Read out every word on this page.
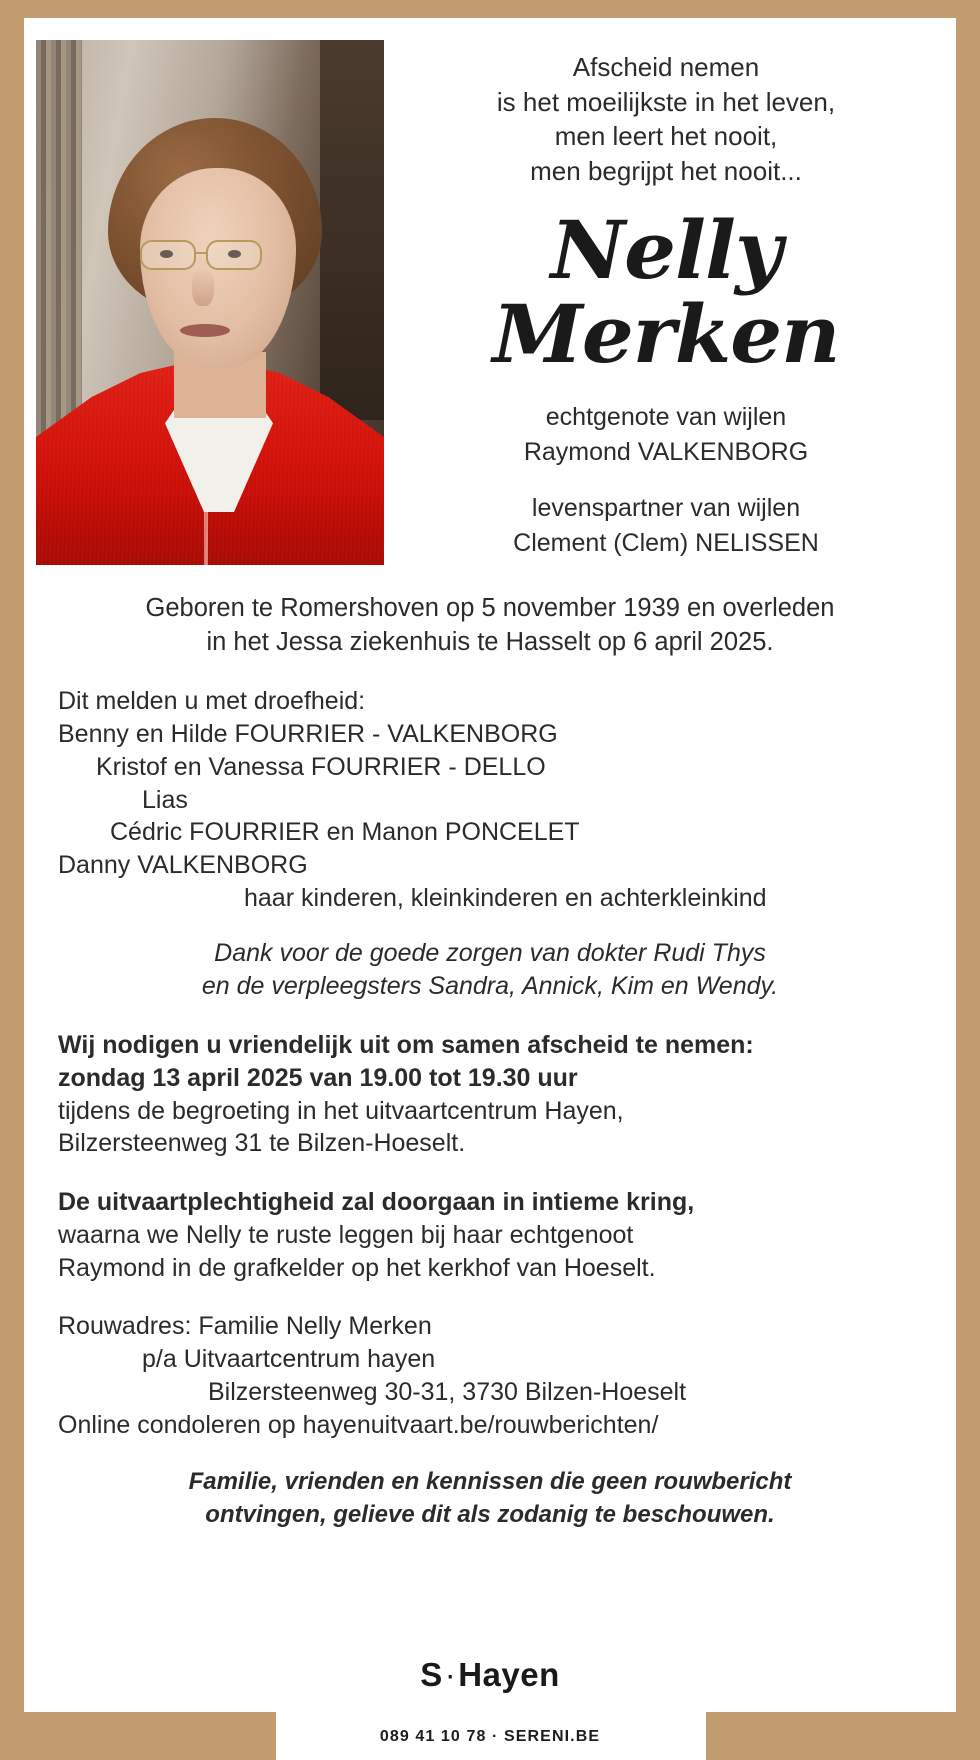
Afscheid nemen
is het moeilijkste in het leven,
men leert het nooit,
men begrijpt het nooit...
Nelly
Merken
echtgenote van wijlen
Raymond VALKENBORG
levenspartner van wijlen
Clement (Clem) NELISSEN
Geboren te Romershoven op 5 november 1939 en overleden
in het Jessa ziekenhuis te Hasselt op 6 april 2025.
Dit melden u met droefheid:
Benny en Hilde FOURRIER - VALKENBORG
Kristof en Vanessa FOURRIER - DELLO
Lias
Cédric FOURRIER en Manon PONCELET
Danny VALKENBORG
haar kinderen, kleinkinderen en achterkleinkind
Dank voor de goede zorgen van dokter Rudi Thys
en de verpleegsters Sandra, Annick, Kim en Wendy.
Wij nodigen u vriendelijk uit om samen afscheid te nemen:
zondag 13 april 2025 van 19.00 tot 19.30 uur
tijdens de begroeting in het uitvaartcentrum Hayen,
Bilzersteenweg 31 te Bilzen-Hoeselt.
De uitvaartplechtigheid zal doorgaan in intieme kring,
waarna we Nelly te ruste leggen bij haar echtgenoot
Raymond in de grafkelder op het kerkhof van Hoeselt.
Rouwadres: Familie Nelly Merken
p/a Uitvaartcentrum hayen
Bilzersteenweg 30-31, 3730 Bilzen-Hoeselt
Online condoleren op hayenuitvaart.be/rouwberichten/
Familie, vrienden en kennissen die geen rouwbericht
ontvingen, gelieve dit als zodanig te beschouwen.
S·Hayen
089 41 10 78 · SERENI.BE
